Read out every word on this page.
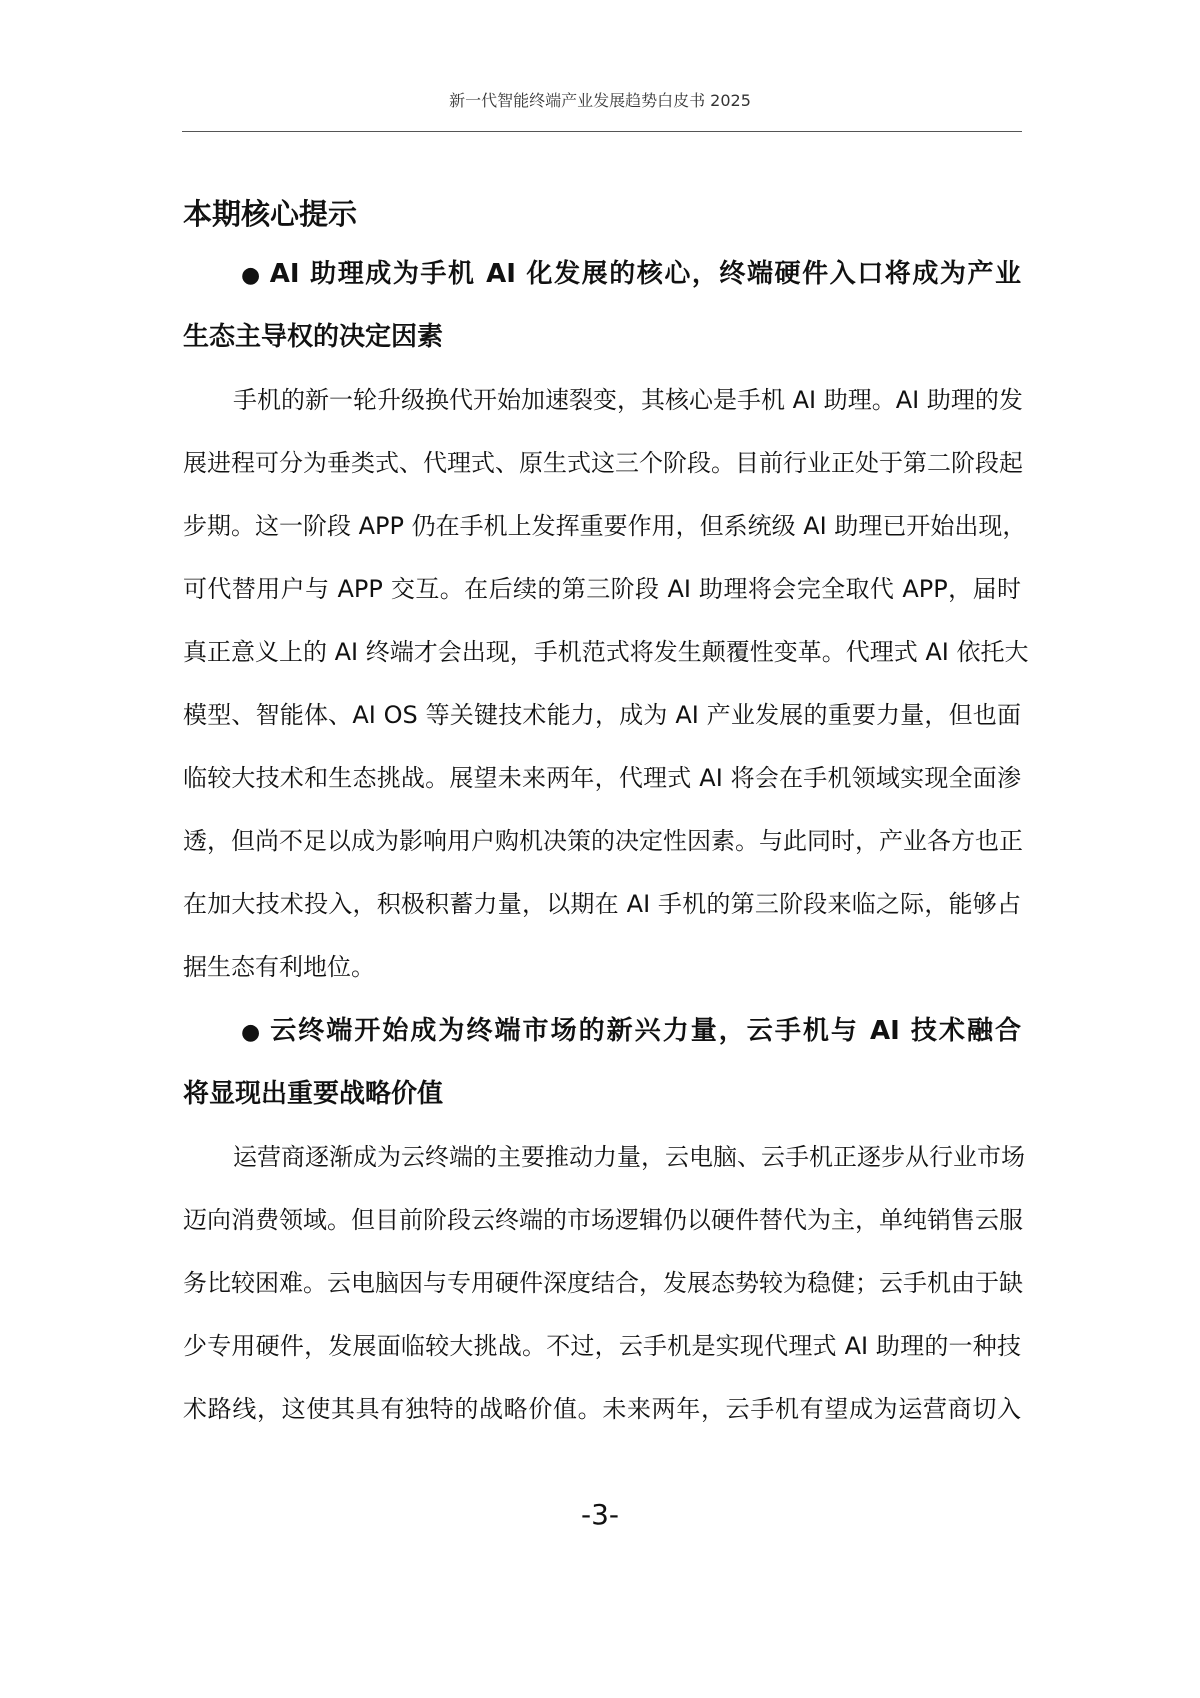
新一代智能终端产业发展趋势白皮书 2025
本期核心提示
● AI 助理成为手机 AI 化发展的核心，终端硬件入口将成为产业
生态主导权的决定因素
手机的新一轮升级换代开始加速裂变，其核心是手机 AI 助理。AI 助理的发
展进程可分为垂类式、代理式、原生式这三个阶段。目前行业正处于第二阶段起
步期。这一阶段 APP 仍在手机上发挥重要作用，但系统级 AI 助理已开始出现，
可代替用户与 APP 交互。在后续的第三阶段 AI 助理将会完全取代 APP，届时
真正意义上的 AI 终端才会出现，手机范式将发生颠覆性变革。代理式 AI 依托大
模型、智能体、AI OS 等关键技术能力，成为 AI 产业发展的重要力量，但也面
临较大技术和生态挑战。展望未来两年，代理式 AI 将会在手机领域实现全面渗
透，但尚不足以成为影响用户购机决策的决定性因素。与此同时，产业各方也正
在加大技术投入，积极积蓄力量，以期在 AI 手机的第三阶段来临之际，能够占
据生态有利地位。
● 云终端开始成为终端市场的新兴力量，云手机与 AI 技术融合
将显现出重要战略价值
运营商逐渐成为云终端的主要推动力量，云电脑、云手机正逐步从行业市场
迈向消费领域。但目前阶段云终端的市场逻辑仍以硬件替代为主，单纯销售云服
务比较困难。云电脑因与专用硬件深度结合，发展态势较为稳健；云手机由于缺
少专用硬件，发展面临较大挑战。不过，云手机是实现代理式 AI 助理的一种技
术路线，这使其具有独特的战略价值。未来两年，云手机有望成为运营商切入
-3-
